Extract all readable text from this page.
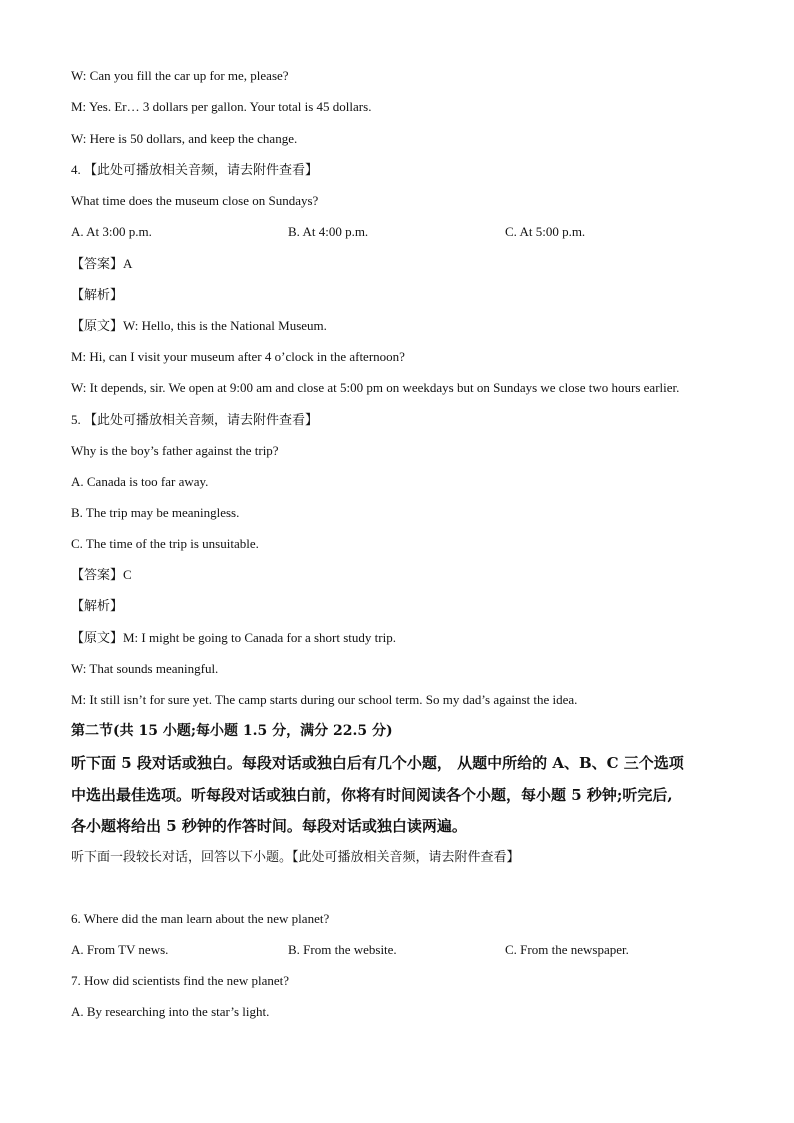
W: Can you fill the car up for me, please?
M: Yes. Er… 3 dollars per gallon. Your total is 45 dollars.
W: Here is 50 dollars, and keep the change.
4. 【此处可播放相关音频，请去附件查看】
What time does the museum close on Sundays?
A. At 3:00 p.m.	B. At 4:00 p.m.	C. At 5:00 p.m.
【答案】A
【解析】
【原文】W: Hello, this is the National Museum.
M: Hi, can I visit your museum after 4 o’clock in the afternoon?
W: It depends, sir. We open at 9:00 am and close at 5:00 pm on weekdays but on Sundays we close two hours earlier.
5. 【此处可播放相关音频，请去附件查看】
Why is the boy’s father against the trip?
A. Canada is too far away.
B. The trip may be meaningless.
C. The time of the trip is unsuitable.
【答案】C
【解析】
【原文】M: I might be going to Canada for a short study trip.
W: That sounds meaningful.
M: It still isn’t for sure yet. The camp starts during our school term. So my dad’s against the idea.
第二节(共 15 小题;每小题 1.5 分，满分 22.5 分)
听下面 5 段对话或独白。每段对话或独白后有几个小题， 从题中所给的 A、B、C 三个选项
中选出最佳选项。听每段对话或独白前，你将有时间阅读各个小题，每小题 5 秒钟;听完后,
各小题将给出 5 秒钟的作答时间。每段对话或独白读两遍。
听下面一段较长对话，回答以下小题。【此处可播放相关音频，请去附件查看】
6. Where did the man learn about the new planet?
A. From TV news.	B. From the website.	C. From the newspaper.
7. How did scientists find the new planet?
A. By researching into the star’s light.
